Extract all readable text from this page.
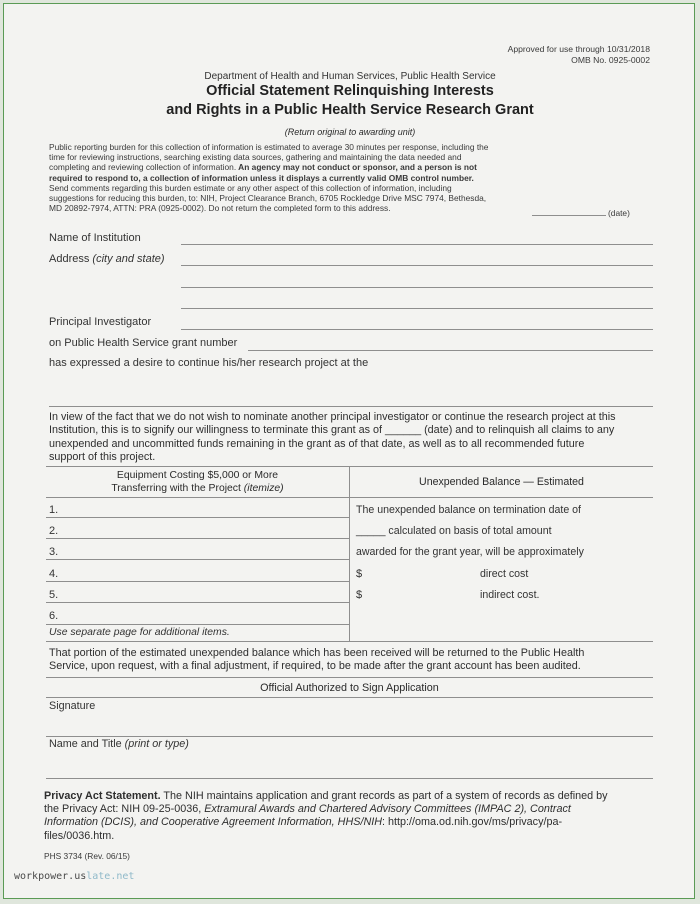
Approved for use through 10/31/2018
OMB No. 0925-0002
Department of Health and Human Services, Public Health Service
Official Statement Relinquishing Interests
and Rights in a Public Health Service Research Grant
(Return original to awarding unit)
Public reporting burden for this collection of information is estimated to average 30 minutes per response, including the
time for reviewing instructions, searching existing data sources, gathering and maintaining the data needed and
completing and reviewing collection of information. An agency may not conduct or sponsor, and a person is not
required to respond to, a collection of information unless it displays a currently valid OMB control number.
Send comments regarding this burden estimate or any other aspect of this collection of information, including
suggestions for reducing this burden, to: NIH, Project Clearance Branch, 6705 Rockledge Drive MSC 7974, Bethesda,
MD 20892-7974, ATTN: PRA (0925-0002). Do not return the completed form to this address.	(date)
Name of Institution
Address (city and state)
Principal Investigator
on Public Health Service grant number
has expressed a desire to continue his/her research project at the
In view of the fact that we do not wish to nominate another principal investigator or continue the research project at this
Institution, this is to signify our willingness to terminate this grant as of ______ (date) and to relinquish all claims to any
unexpended and uncommitted funds remaining in the grant as of that date, as well as to all recommended future
support of this project.
Equipment Costing $5,000 or More
Transferring with the Project (itemize)	Unexpended Balance — Estimated
1.
2.
3.
4.
5.
6.
Use separate page for additional items.
The unexpended balance on termination date of
_____ calculated on basis of total amount
awarded for the grant year, will be approximately
$	direct cost
$	indirect cost.
That portion of the estimated unexpended balance which has been received will be returned to the Public Health
Service, upon request, with a final adjustment, if required, to be made after the grant account has been audited.
Official Authorized to Sign Application
Signature
Name and Title (print or type)
Privacy Act Statement. The NIH maintains application and grant records as part of a system of records as defined by
the Privacy Act: NIH 09-25-0036, Extramural Awards and Chartered Advisory Committees (IMPAC 2), Contract
Information (DCIS), and Cooperative Agreement Information, HHS/NIH: http://oma.od.nih.gov/ms/privacy/pa-
files/0036.htm.
PHS 3734 (Rev. 06/15)
workpower.uslate.net
